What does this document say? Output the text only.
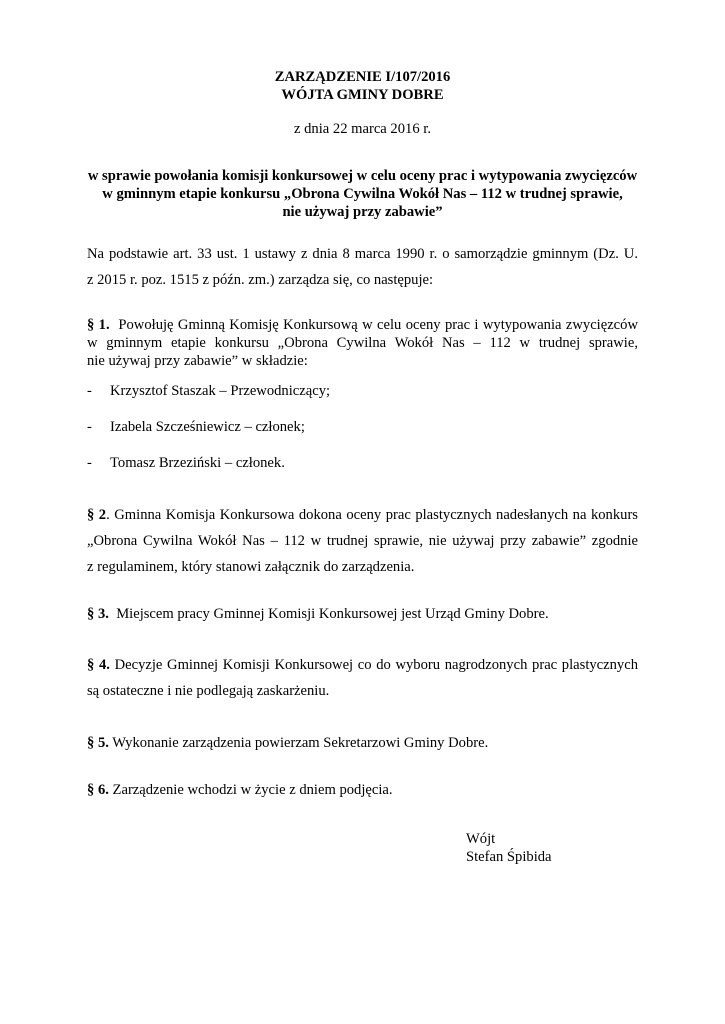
ZARZĄDZENIE I/107/2016
WÓJTA GMINY DOBRE
z dnia 22 marca 2016 r.
w sprawie powołania komisji konkursowej w celu oceny prac i wytypowania zwycięzców
w gminnym etapie konkursu „Obrona Cywilna Wokół Nas – 112 w trudnej sprawie,
nie używaj przy zabawie”
Na podstawie art. 33 ust. 1 ustawy z dnia 8 marca 1990 r. o samorządzie gminnym (Dz. U.
z 2015 r. poz. 1515 z późn. zm.) zarządza się, co następuje:
§ 1. Powołuję Gminną Komisję Konkursową w celu oceny prac i wytypowania zwycięzców
w gminnym etapie konkursu „Obrona Cywilna Wokół Nas – 112 w trudnej sprawie,
nie używaj przy zabawie” w składzie:
- Krzysztof Staszak – Przewodniczący;
- Izabela Szcześniewicz – członek;
- Tomasz Brzeziński – członek.
§ 2. Gminna Komisja Konkursowa dokona oceny prac plastycznych nadesłanych na konkurs
„Obrona Cywilna Wokół Nas – 112 w trudnej sprawie, nie używaj przy zabawie” zgodnie
z regulaminem, który stanowi załącznik do zarządzenia.
§ 3. Miejscem pracy Gminnej Komisji Konkursowej jest Urząd Gminy Dobre.
§ 4. Decyzje Gminnej Komisji Konkursowej co do wyboru nagrodzonych prac plastycznych
są ostateczne i nie podlegają zaskarżeniu.
§ 5. Wykonanie zarządzenia powierzam Sekretarzowi Gminy Dobre.
§ 6. Zarządzenie wchodzi w życie z dniem podjęcia.
Wójt
Stefan Śpibida
